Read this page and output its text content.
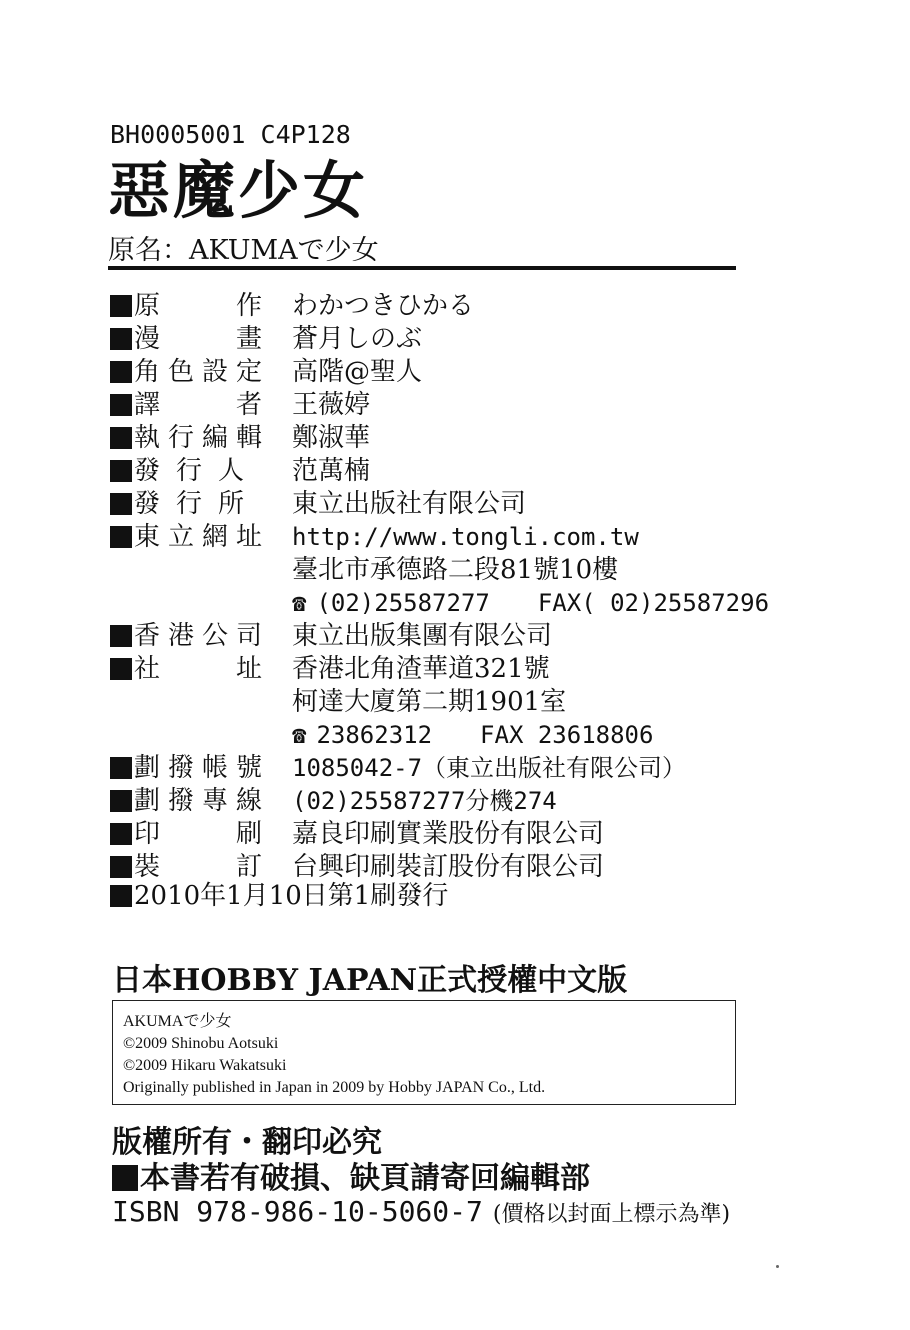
BH0005001 C4P128
惡魔少女
原名：AKUMAで少女
原	作 わかつきひかる
漫	畫 蒼月しのぶ
角 色 設 定 高階@聖人
譯	者 王薇婷
執 行 編 輯 鄭淑華
發 行 人 范萬楠
發 行 所 東立出版社有限公司
東 立 網 址 http://www.tongli.com.tw
臺北市承德路二段81號10樓
☎ (02)25587277 FAX( 02)25587296
香 港 公 司 東立出版集團有限公司
社	址 香港北角渣華道321號
柯達大廈第二期1901室
☎ 23862312 FAX 23618806
劃 撥 帳 號 1085042-7（東立出版社有限公司）
劃 撥 專 線 (02)25587277分機274
印	刷 嘉良印刷實業股份有限公司
裝	訂 台興印刷裝訂股份有限公司
2010年1月10日第1刷發行
日本HOBBY JAPAN正式授權中文版
AKUMAで少女
©2009 Shinobu Aotsuki
©2009 Hikaru Wakatsuki
Originally published in Japan in 2009 by Hobby JAPAN Co., Ltd.
版權所有・翻印必究
本書若有破損、缺頁請寄回編輯部
ISBN 978-986-10-5060-7 (價格以封面上標示為準)
